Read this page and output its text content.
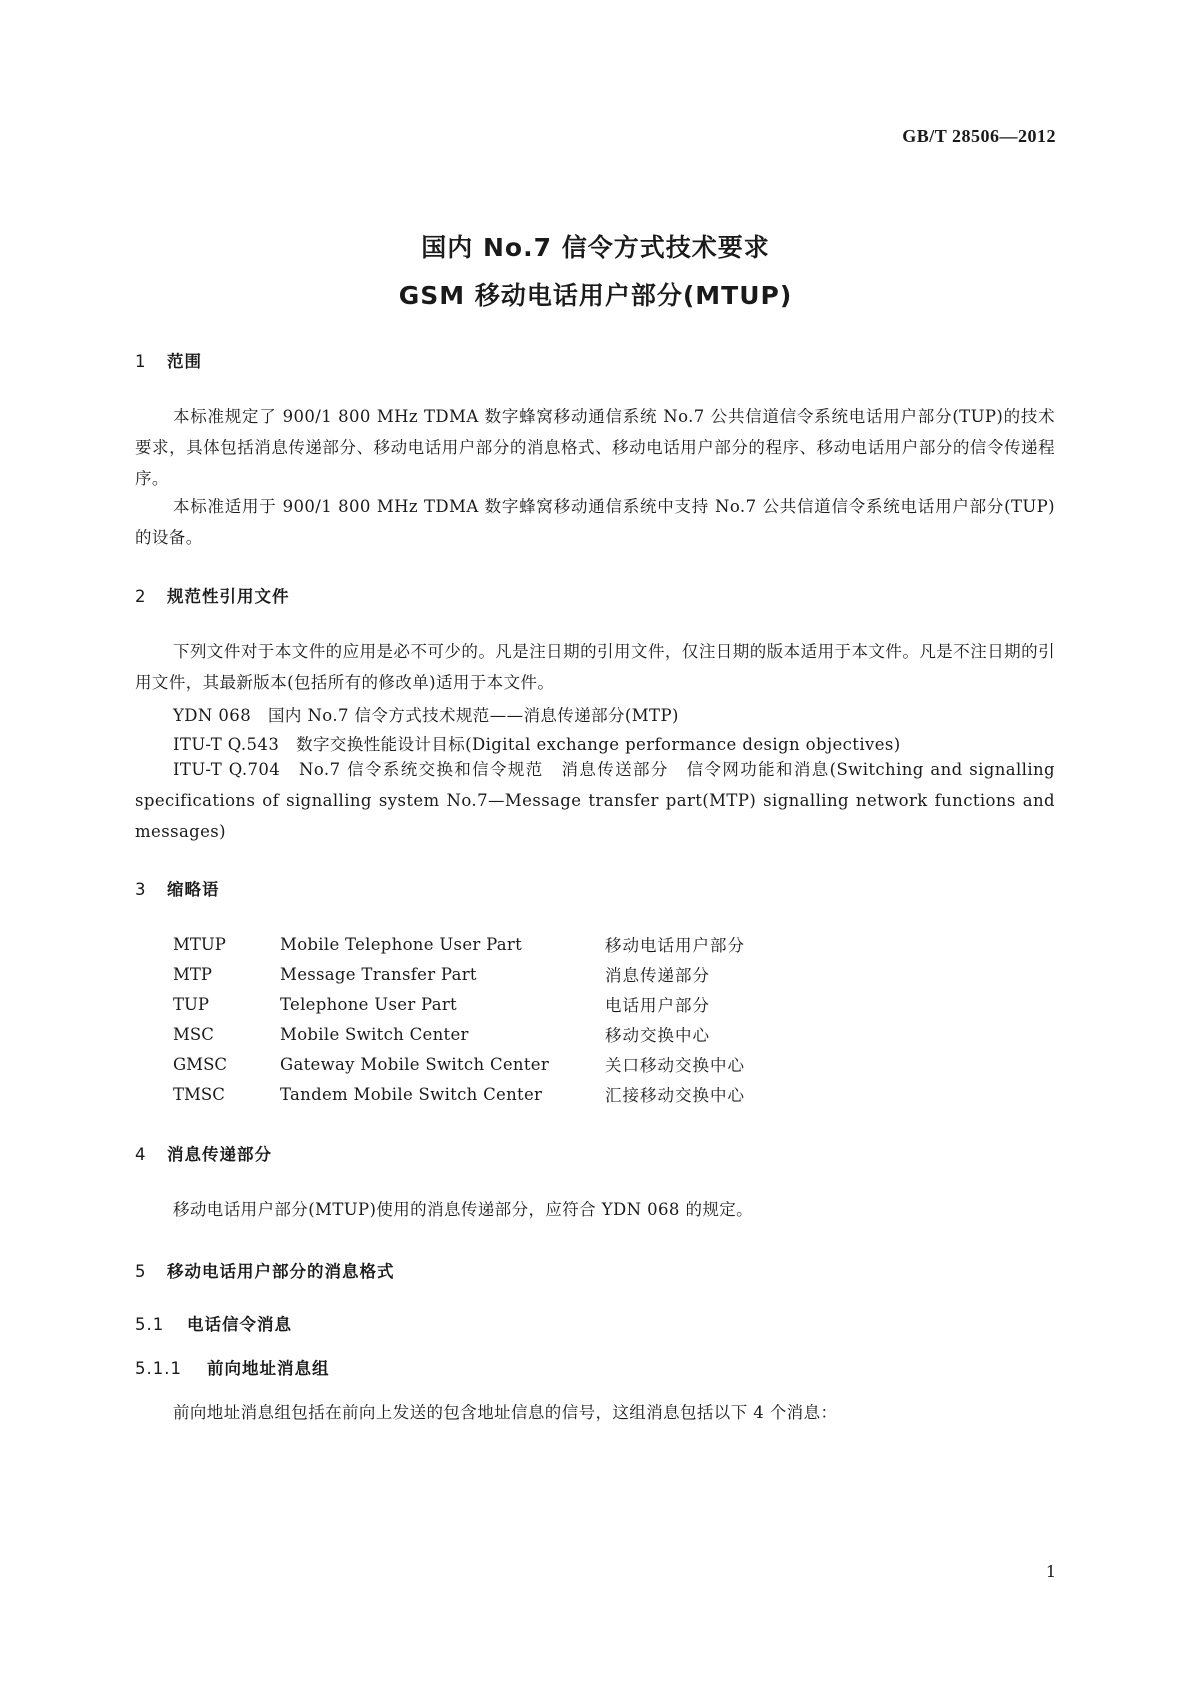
GB/T 28506—2012
国内 No.7 信令方式技术要求
GSM 移动电话用户部分(MTUP)
1 范围
本标准规定了 900/1 800 MHz TDMA 数字蜂窝移动通信系统 No.7 公共信道信令系统电话用户部分(TUP)的技术要求，具体包括消息传递部分、移动电话用户部分的消息格式、移动电话用户部分的程序、移动电话用户部分的信令传递程序。
本标准适用于 900/1 800 MHz TDMA 数字蜂窝移动通信系统中支持 No.7 公共信道信令系统电话用户部分(TUP)的设备。
2 规范性引用文件
下列文件对于本文件的应用是必不可少的。凡是注日期的引用文件，仅注日期的版本适用于本文件。凡是不注日期的引用文件，其最新版本(包括所有的修改单)适用于本文件。
YDN 068　国内 No.7 信令方式技术规范——消息传递部分(MTP)
ITU-T Q.543　数字交换性能设计目标(Digital exchange performance design objectives)
ITU-T Q.704　No.7 信令系统交换和信令规范　消息传送部分　信令网功能和消息(Switching and signalling specifications of signalling system No.7—Message transfer part(MTP) signalling network functions and messages)
3 缩略语
MTUP	Mobile Telephone User Part	移动电话用户部分
MTP	Message Transfer Part	消息传递部分
TUP	Telephone User Part	电话用户部分
MSC	Mobile Switch Center	移动交换中心
GMSC	Gateway Mobile Switch Center	关口移动交换中心
TMSC	Tandem Mobile Switch Center	汇接移动交换中心
4 消息传递部分
移动电话用户部分(MTUP)使用的消息传递部分，应符合 YDN 068 的规定。
5 移动电话用户部分的消息格式
5.1 电话信令消息
5.1.1 前向地址消息组
前向地址消息组包括在前向上发送的包含地址信息的信号，这组消息包括以下 4 个消息：
1
